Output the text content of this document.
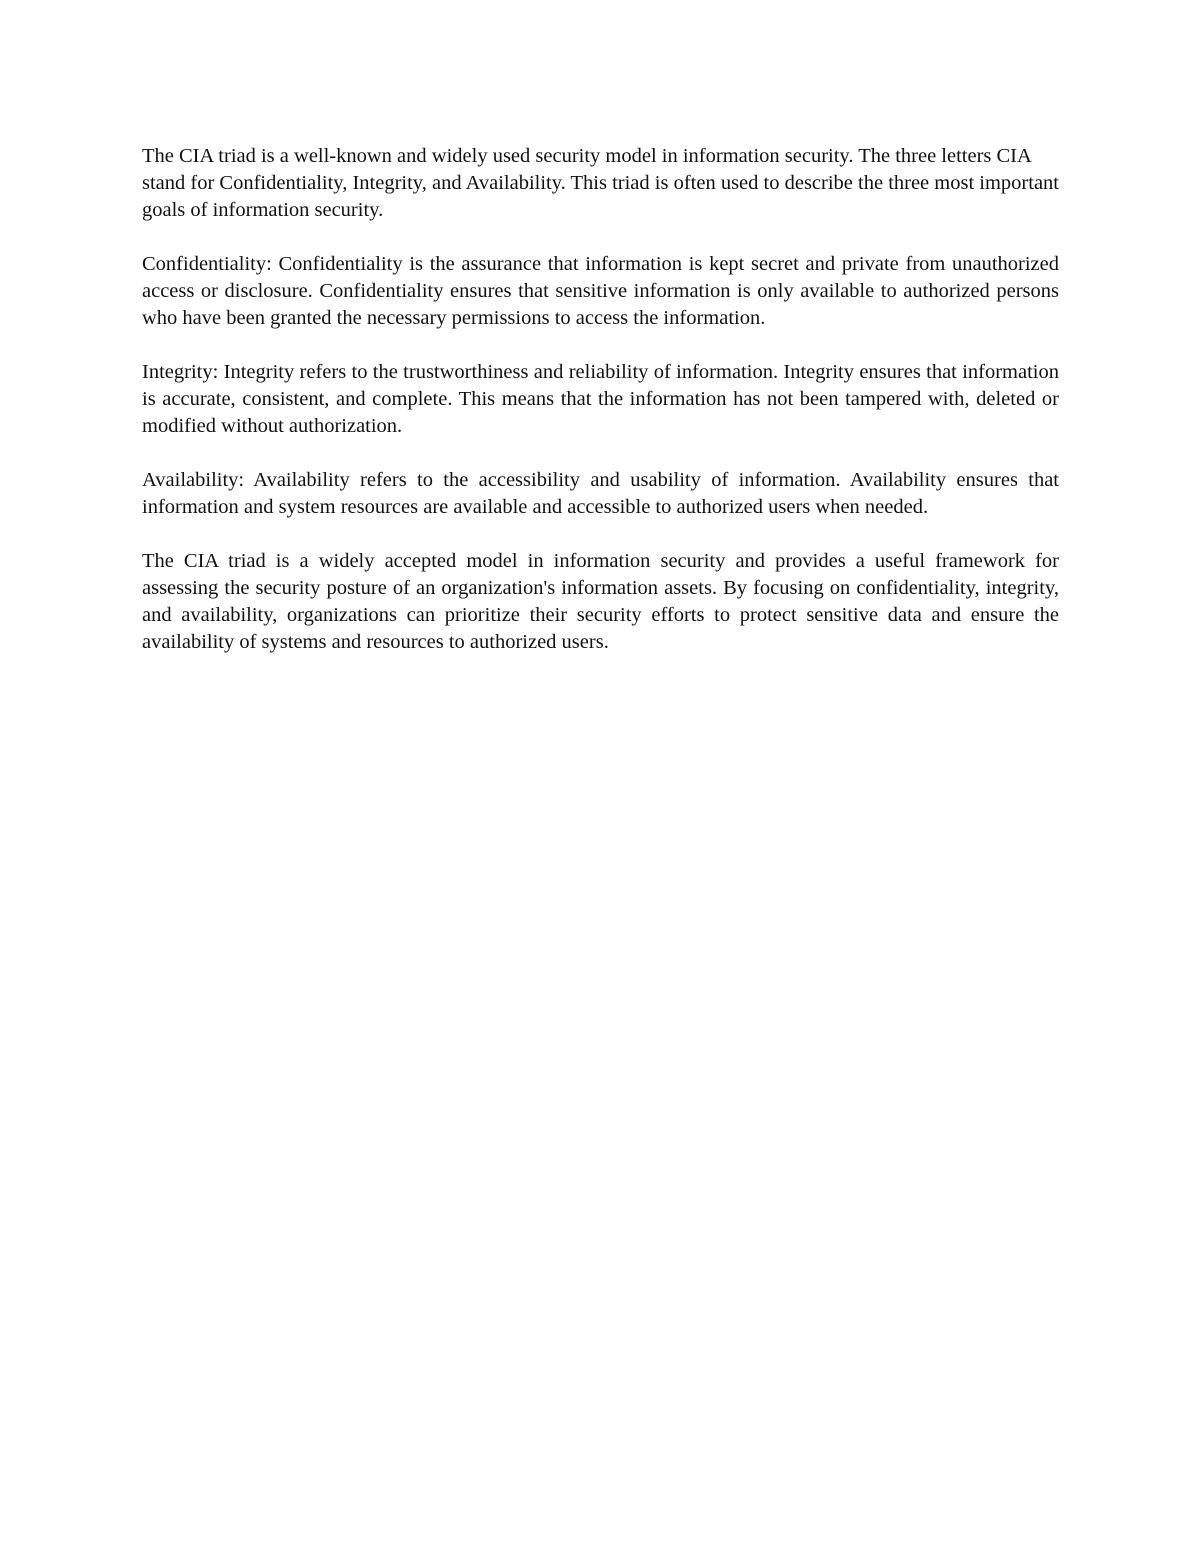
The CIA triad is a well-known and widely used security model in information security. The three letters CIA stand for Confidentiality, Integrity, and Availability. This triad is often used to describe the three most important goals of information security.

Confidentiality: Confidentiality is the assurance that information is kept secret and private from unauthorized access or disclosure. Confidentiality ensures that sensitive information is only available to authorized persons who have been granted the necessary permissions to access the information.

Integrity: Integrity refers to the trustworthiness and reliability of information. Integrity ensures that information is accurate, consistent, and complete. This means that the information has not been tampered with, deleted or modified without authorization.

Availability: Availability refers to the accessibility and usability of information. Availability ensures that information and system resources are available and accessible to authorized users when needed.

The CIA triad is a widely accepted model in information security and provides a useful framework for assessing the security posture of an organization's information assets. By focusing on confidentiality, integrity, and availability, organizations can prioritize their security efforts to protect sensitive data and ensure the availability of systems and resources to authorized users.
